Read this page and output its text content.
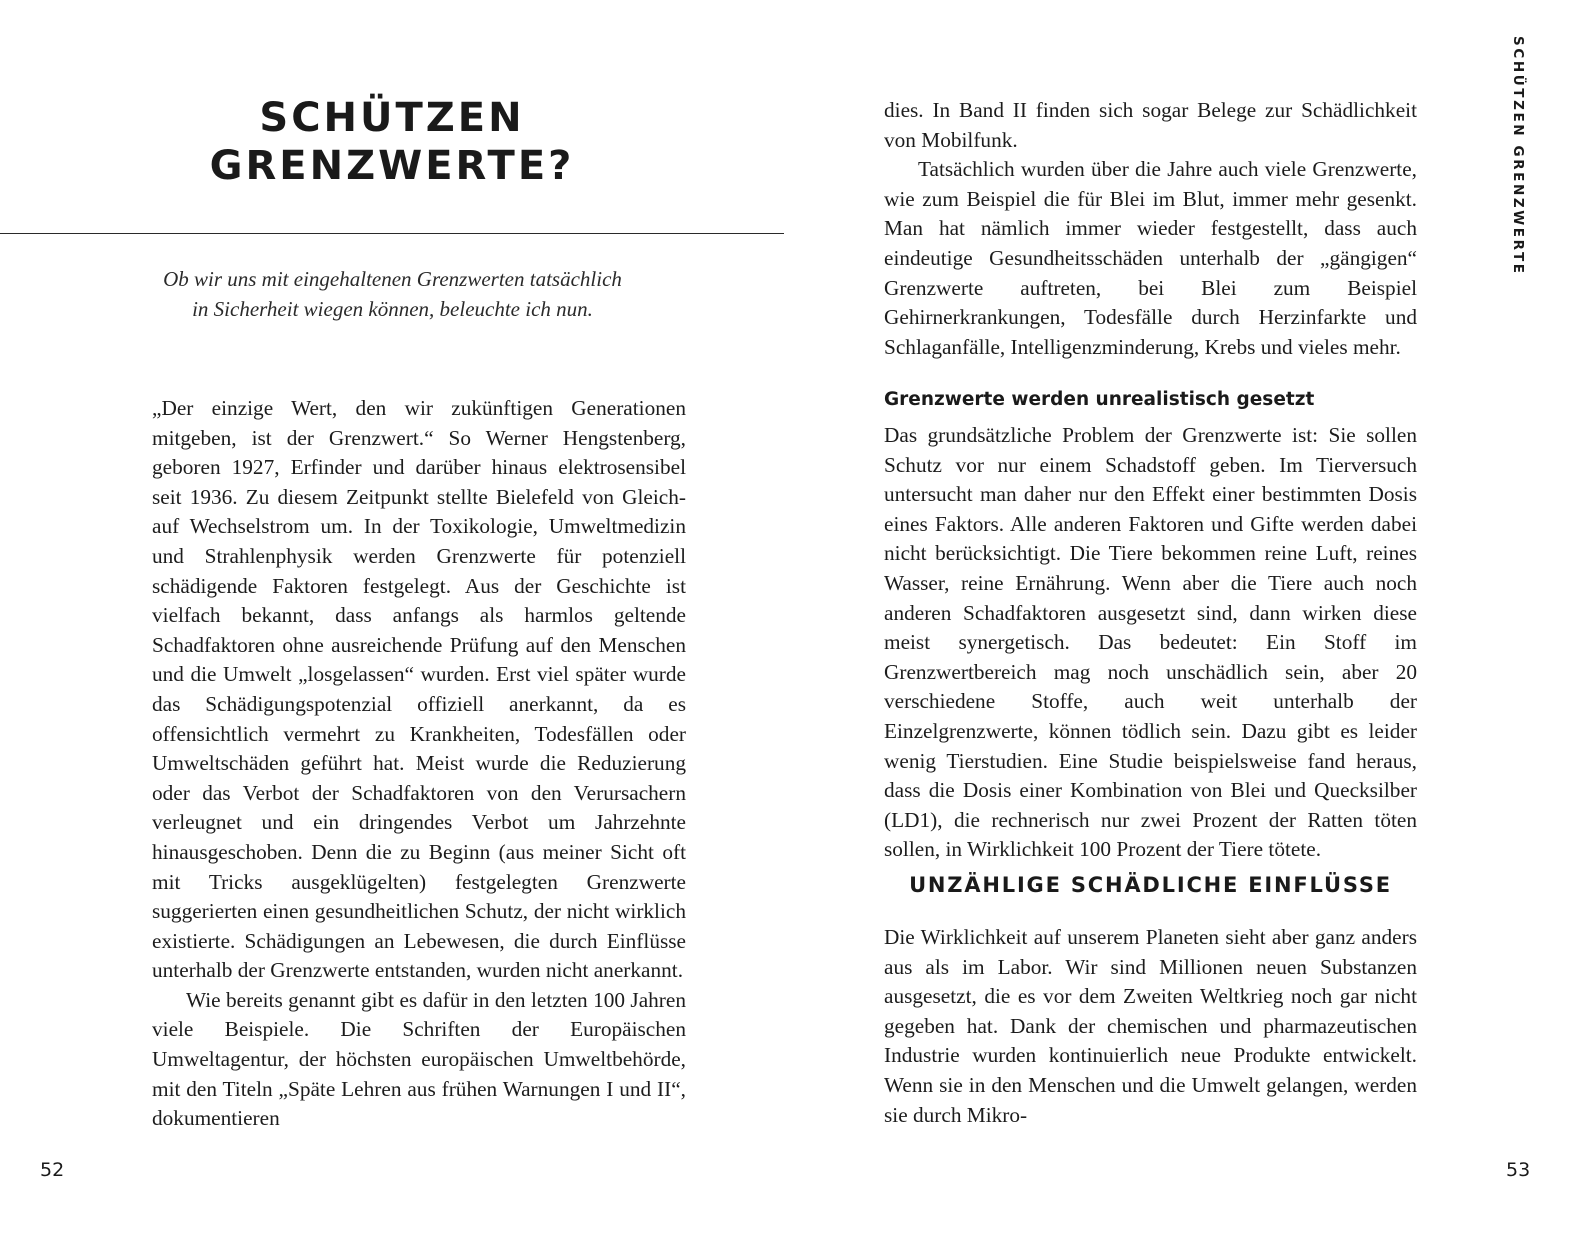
SCHÜTZEN
GRENZWERTE?
Ob wir uns mit eingehaltenen Grenzwerten tatsächlich
in Sicherheit wiegen können, beleuchte ich nun.

„Der einzige Wert, den wir zukünftigen Generationen mitgeben, ist der Grenzwert.“ So Werner Hengstenberg, geboren 1927, Erfinder und darüber hinaus elektrosensibel seit 1936. Zu diesem Zeitpunkt stellte Bielefeld von Gleich- auf Wechselstrom um. In der Toxikologie, Umweltmedizin und Strahlenphysik werden Grenzwerte für potenziell schädigende Faktoren festgelegt. Aus der Geschichte ist vielfach bekannt, dass anfangs als harmlos geltende Schadfaktoren ohne ausreichende Prüfung auf den Menschen und die Umwelt „losgelassen“ wurden. Erst viel später wurde das Schädigungspotenzial offiziell anerkannt, da es offensichtlich vermehrt zu Krankheiten, Todesfällen oder Umweltschäden geführt hat. Meist wurde die Reduzierung oder das Verbot der Schadfaktoren von den Verursachern verleugnet und ein dringendes Verbot um Jahrzehnte hinausgeschoben. Denn die zu Beginn (aus meiner Sicht oft mit Tricks ausgeklügelten) festgelegten Grenzwerte suggerierten einen gesundheitlichen Schutz, der nicht wirklich existierte. Schädigungen an Lebewesen, die durch Einflüsse unterhalb der Grenzwerte entstanden, wurden nicht anerkannt.

Wie bereits genannt gibt es dafür in den letzten 100 Jahren viele Beispiele. Die Schriften der Europäischen Umweltagentur, der höchsten europäischen Umweltbehörde, mit den Titeln „Späte Lehren aus frühen Warnungen I und II“, dokumentieren

52
SCHÜTZEN GRENZWERTE

dies. In Band II finden sich sogar Belege zur Schädlichkeit von Mobilfunk.

Tatsächlich wurden über die Jahre auch viele Grenzwerte, wie zum Beispiel die für Blei im Blut, immer mehr gesenkt. Man hat nämlich immer wieder festgestellt, dass auch eindeutige Gesundheitsschäden unterhalb der „gängigen“ Grenzwerte auftreten, bei Blei zum Beispiel Gehirnerkrankungen, Todesfälle durch Herzinfarkte und Schlaganfälle, Intelligenzminderung, Krebs und vieles mehr.

Grenzwerte werden unrealistisch gesetzt

Das grundsätzliche Problem der Grenzwerte ist: Sie sollen Schutz vor nur einem Schadstoff geben. Im Tierversuch untersucht man daher nur den Effekt einer bestimmten Dosis eines Faktors. Alle anderen Faktoren und Gifte werden dabei nicht berücksichtigt. Die Tiere bekommen reine Luft, reines Wasser, reine Ernährung. Wenn aber die Tiere auch noch anderen Schadfaktoren ausgesetzt sind, dann wirken diese meist synergetisch. Das bedeutet: Ein Stoff im Grenzwertbereich mag noch unschädlich sein, aber 20 verschiedene Stoffe, auch weit unterhalb der Einzelgrenzwerte, können tödlich sein. Dazu gibt es leider wenig Tierstudien. Eine Studie beispielsweise fand heraus, dass die Dosis einer Kombination von Blei und Quecksilber (LD1), die rechnerisch nur zwei Prozent der Ratten töten sollen, in Wirklichkeit 100 Prozent der Tiere tötete.

UNZÄHLIGE SCHÄDLICHE EINFLÜSSE

Die Wirklichkeit auf unserem Planeten sieht aber ganz anders aus als im Labor. Wir sind Millionen neuen Substanzen ausgesetzt, die es vor dem Zweiten Weltkrieg noch gar nicht gegeben hat. Dank der chemischen und pharmazeutischen Industrie wurden kontinuierlich neue Produkte entwickelt. Wenn sie in den Menschen und die Umwelt gelangen, werden sie durch Mikro-

53
